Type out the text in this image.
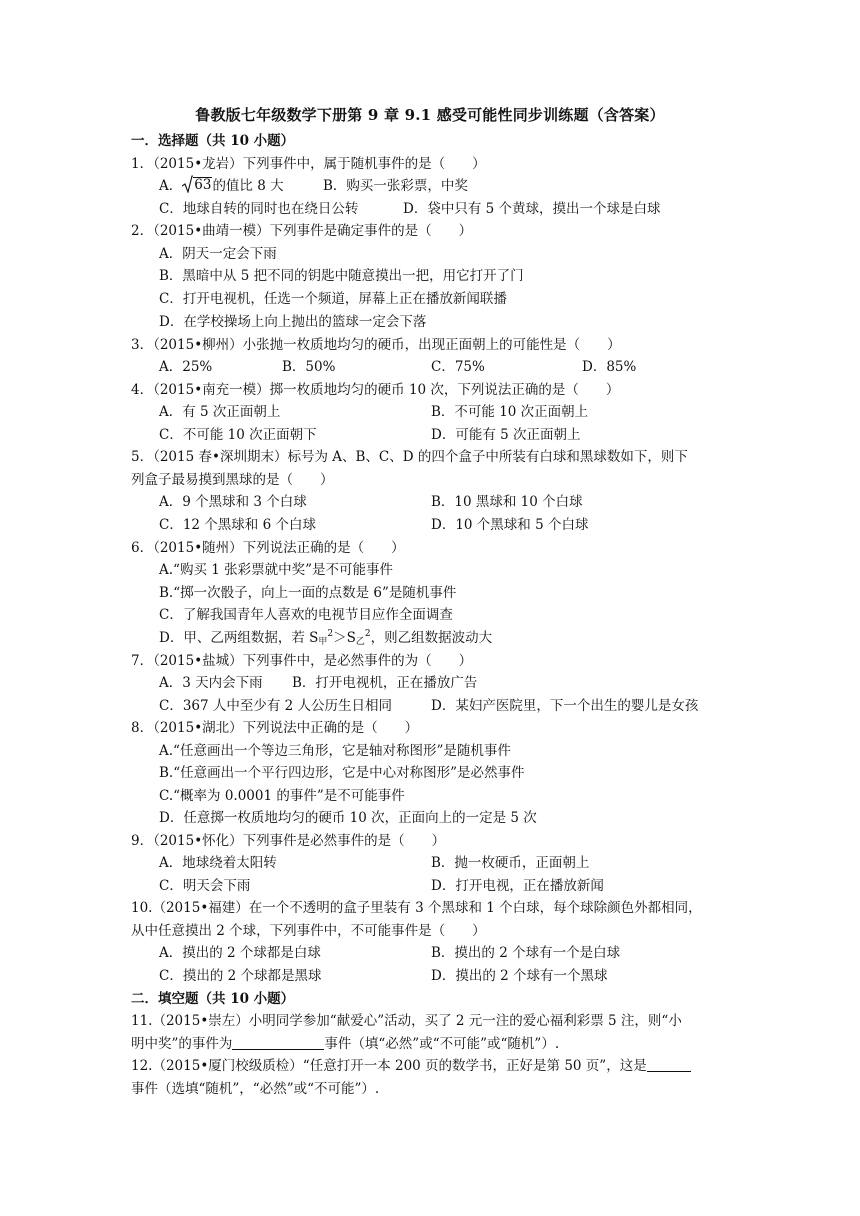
鲁教版七年级数学下册第 9 章 9.1 感受可能性同步训练题（含答案）
一．选择题（共 10 小题）
1．（2015•龙岩）下列事件中，属于随机事件的是（　　）
A． 63 的值比 8 大	B．购买一张彩票，中奖
C．地球自转的同时也在绕日公转	D．袋中只有 5 个黄球，摸出一个球是白球
2．（2015•曲靖一模）下列事件是确定事件的是（　　）
A．阴天一定会下雨
B．黑暗中从 5 把不同的钥匙中随意摸出一把，用它打开了门
C．打开电视机，任选一个频道，屏幕上正在播放新闻联播
D．在学校操场上向上抛出的篮球一定会下落
3．（2015•柳州）小张抛一枚质地均匀的硬币，出现正面朝上的可能性是（　　）
A．25%	B．50%	C．75%	D．85%
4．（2015•南充一模）掷一枚质地均匀的硬币 10 次，下列说法正确的是（　　）
A．有 5 次正面朝上	B．不可能 10 次正面朝上
C．不可能 10 次正面朝下	D．可能有 5 次正面朝上
5．（2015 春•深圳期末）标号为 A、B、C、D 的四个盒子中所装有白球和黑球数如下，则下
列盒子最易摸到黑球的是（　　）
A．9 个黑球和 3 个白球	B．10 黑球和 10 个白球
C．12 个黑球和 6 个白球	D．10 个黑球和 5 个白球
6．（2015•随州）下列说法正确的是（　　）
A.“购买 1 张彩票就中奖”是不可能事件
B.“掷一次骰子，向上一面的点数是 6”是随机事件
C．了解我国青年人喜欢的电视节目应作全面调查
D．甲、乙两组数据，若 $S_甲^2>S_乙^2$，则乙组数据波动大
7．（2015•盐城）下列事件中，是必然事件的为（　　）
A．3 天内会下雨 B．打开电视机，正在播放广告
C．367 人中至少有 2 人公历生日相同	D．某妇产医院里，下一个出生的婴儿是女孩
8．（2015•湖北）下列说法中正确的是（　　）
A.“任意画出一个等边三角形，它是轴对称图形”是随机事件
B.“任意画出一个平行四边形，它是中心对称图形”是必然事件
C.“概率为 0.0001 的事件”是不可能事件
D．任意掷一枚质地均匀的硬币 10 次，正面向上的一定是 5 次
9．（2015•怀化）下列事件是必然事件的是（　　）
A．地球绕着太阳转	B．抛一枚硬币，正面朝上
C．明天会下雨	D．打开电视，正在播放新闻
10.（2015•福建）在一个不透明的盒子里装有 3 个黑球和 1 个白球，每个球除颜色外都相同，
从中任意摸出 2 个球，下列事件中，不可能事件是（　　）
A．摸出的 2 个球都是白球	B．摸出的 2 个球有一个是白球
C．摸出的 2 个球都是黑球	D．摸出的 2 个球有一个黑球
二．填空题（共 10 小题）
11.（2015•崇左）小明同学参加“献爱心”活动，买了 2 元一注的爱心福利彩票 5 注，则“小
明中奖”的事件为	事件（填“必然”或“不可能”或“随机”）.
12.（2015•厦门校级质检）“任意打开一本 200 页的数学书，正好是第 50 页”，这是
事件（选填“随机”，“必然”或“不可能”）.
